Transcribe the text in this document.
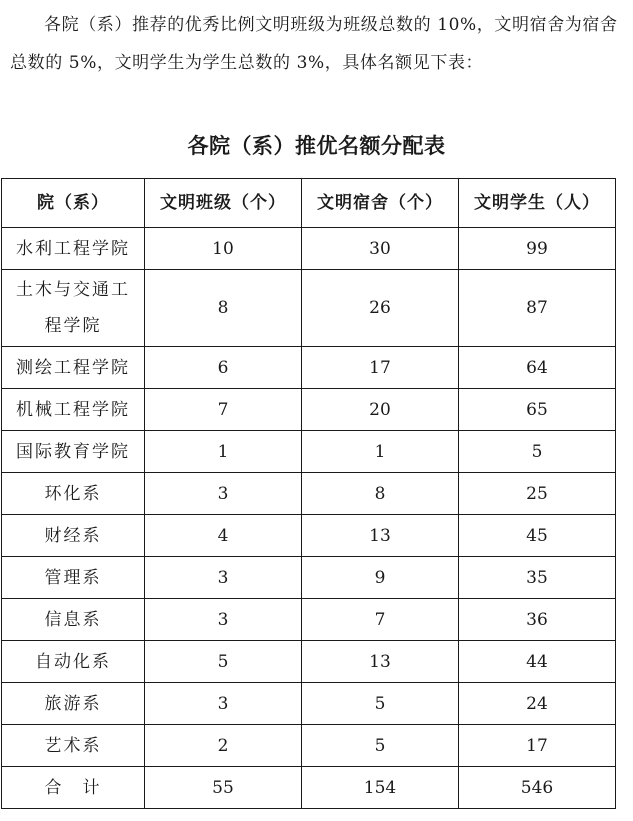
各院（系）推荐的优秀比例文明班级为班级总数的 10%，文明宿舍为宿舍总数的 5%，文明学生为学生总数的 3%，具体名额见下表：

各院（系）推优名额分配表
院（系）	文明班级（个）	文明宿舍（个）	文明学生（人）
水利工程学院	10	30	99
土木与交通工程学院	8	26	87
测绘工程学院	6	17	64
机械工程学院	7	20	65
国际教育学院	1	1	5
环化系	3	8	25
财经系	4	13	45
管理系	3	9	35
信息系	3	7	36
自动化系	5	13	44
旅游系	3	5	24
艺术系	2	5	17
合　计	55	154	546
